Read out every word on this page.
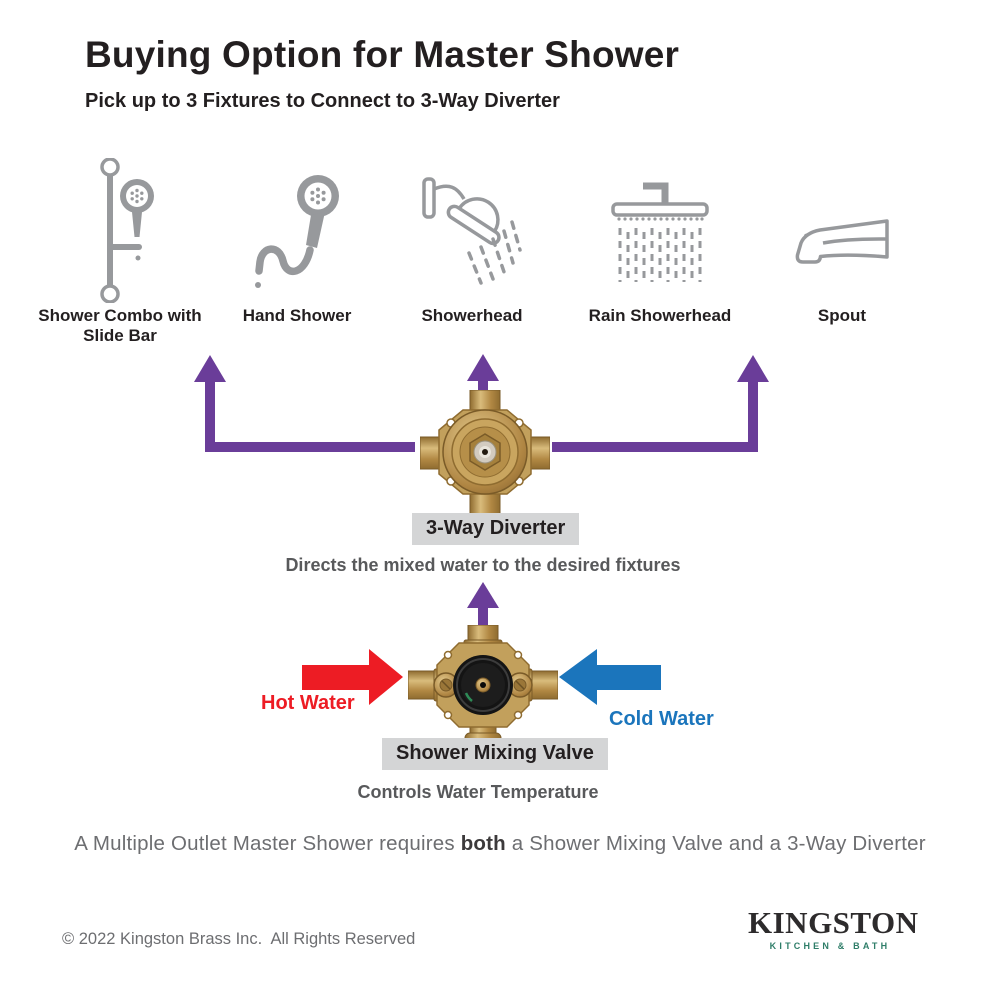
Buying Option for Master Shower
Pick up to 3 Fixtures to Connect to 3-Way Diverter
Shower Combo with Slide Bar
Hand Shower	Showerhead	Rain Showerhead	Spout
3-Way Diverter
Directs the mixed water to the desired fixtures
Hot Water
Cold Water
Shower Mixing Valve
Controls Water Temperature
A Multiple Outlet Master Shower requires both a Shower Mixing Valve and a 3-Way Diverter
© 2022 Kingston Brass Inc.  All Rights Reserved	KINGSTON
KITCHEN & BATH
